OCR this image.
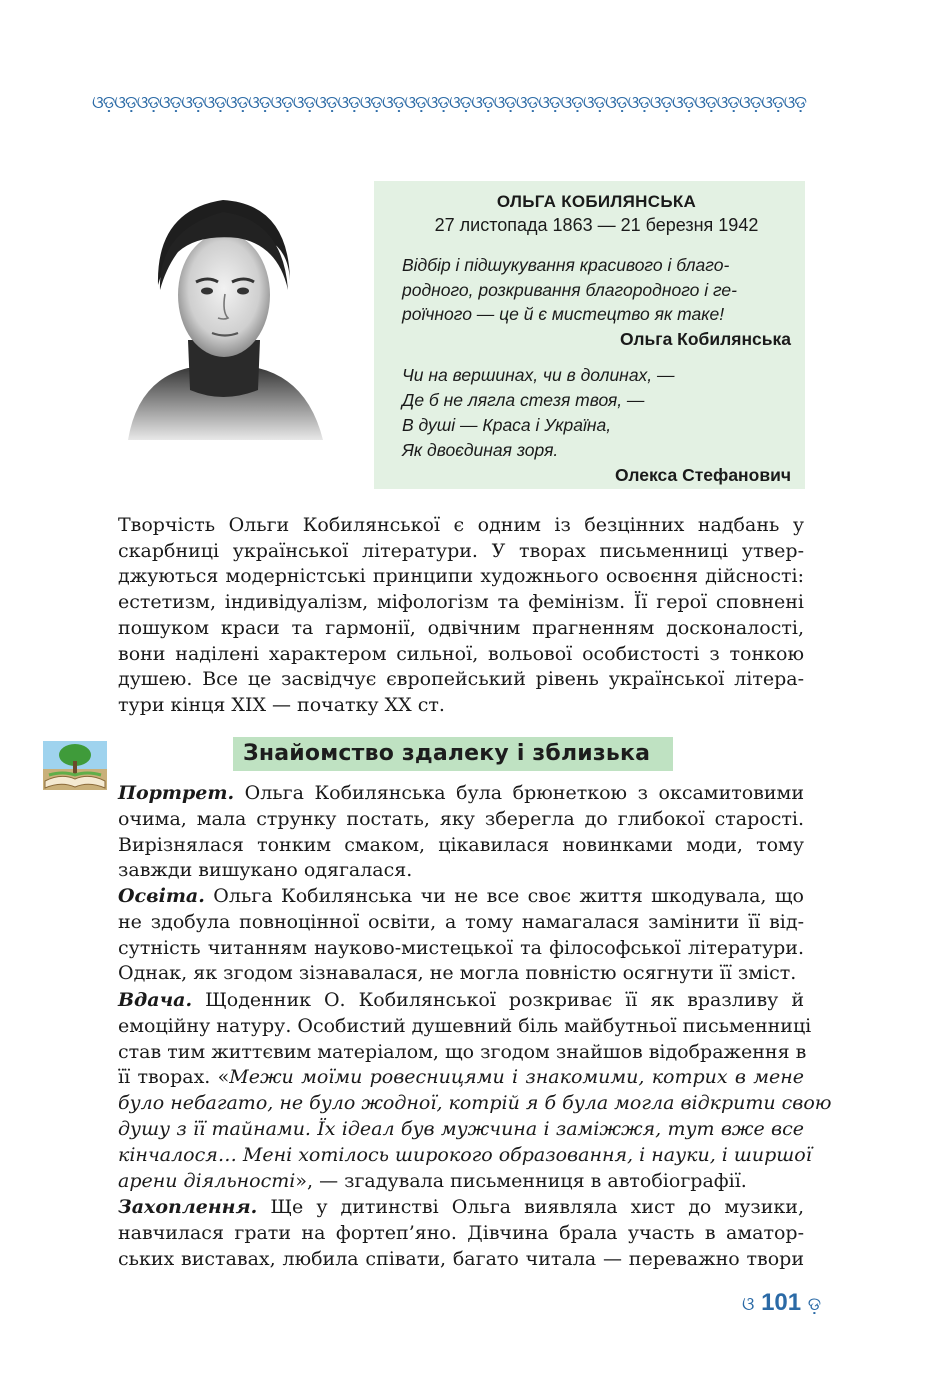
ଓଡ଼ଓଡ଼ଓଡ଼ଓଡ଼ଓଡ଼ଓଡ଼ଓଡ଼ଓଡ଼ଓଡ଼ଓଡ଼ଓଡ଼ଓଡ଼ଓଡ଼ଓଡ଼ଓଡ଼ଓଡ଼ଓଡ଼ଓଡ଼ଓଡ଼ଓଡ଼ଓଡ଼ଓଡ଼ଓଡ଼ଓଡ଼ଓଡ଼ଓଡ଼ଓଡ଼ଓଡ଼ଓଡ଼ଓଡ଼ଓଡ଼ଓଡ଼
ОЛЬГА КОБИЛЯНСЬКА
27 листопада 1863 — 21 березня 1942
Відбір і підшукування красивого і благо-
родного, розкривання благородного і ге-
роїчного — це й є мистецтво як таке!
Ольга Кобилянська
Чи на вершинах, чи в долинах, —
Де б не лягла стезя твоя, —
В душі — Краса і Україна,
Як двоєдиная зоря.
Олекса Стефанович
Творчість Ольги Кобилянської є одним із безцінних надбань у
скарбниці української літератури. У творах письменниці утвер-
джуються модерністські принципи художнього освоєння дійсності:
естетизм, індивідуалізм, міфологізм та фемінізм. Її герої сповнені
пошуком краси та гармонії, одвічним прагненням досконалості,
вони наділені характером сильної, вольової особистості з тонкою
душею. Все це засвідчує європейський рівень української літера-
тури кінця XIX — початку XX ст.
Знайомство здалеку і зблизька
Портрет. Ольга Кобилянська була брюнеткою з оксамитовими
очима, мала струнку постать, яку зберегла до глибокої старості.
Вирізнялася тонким смаком, цікавилася новинками моди, тому
завжди вишукано одягалася.
Освіта. Ольга Кобилянська чи не все своє життя шкодувала, що
не здобула повноцінної освіти, а тому намагалася замінити її від-
сутність читанням науково-мистецької та філософської літератури.
Однак, як згодом зізнавалася, не могла повністю осягнути її зміст.
Вдача. Щоденник О. Кобилянської розкриває її як вразливу й
емоційну натуру. Особистий душевний біль майбутньої письменниці
став тим життєвим матеріалом, що згодом знайшов відображення в
її творах. «Межи моїми ровесницями і знакомими, котрих в мене
було небагато, не було жодної, котрій я б була могла відкрити свою
душу з її тайнами. Їх ідеал був мужчина і заміжжя, тут вже все
кінчалося… Мені хотілось широкого образовання, і науки, і ширшої
арени діяльності», — згадувала письменниця в автобіографії.
Захоплення. Ще у дитинстві Ольга виявляла хист до музики,
навчилася грати на фортеп’яно. Дівчина брала участь в аматор-
ських виставах, любила співати, багато читала — переважно твори
ଓ 101 ଡ଼
